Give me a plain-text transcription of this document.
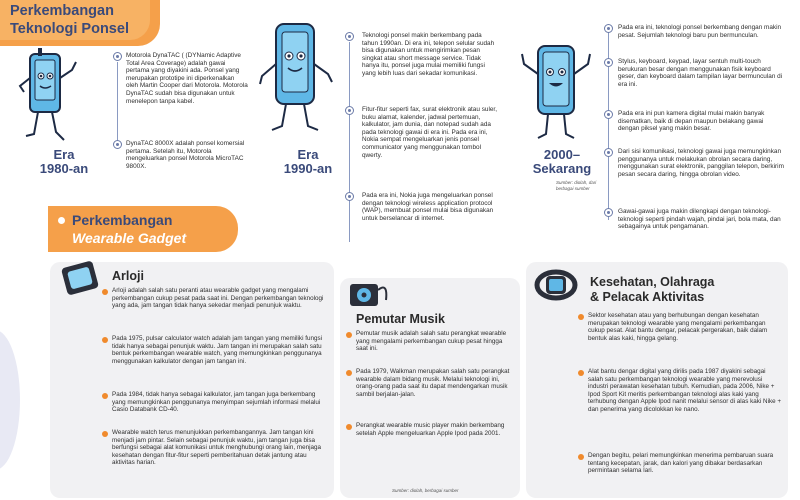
Perkembangan
Teknologi Ponsel
Era
1980-an
Motorola DynaTAC ( (DYNamic Adaptive Total Area Coverage) adalah gawai pertama yang diyakini ada. Ponsel yang merupakan prototipe ini diperkenalkan oleh Martin Cooper dari Motorola. Motorola DynaTAC sudah bisa digunakan untuk menelepon tanpa kabel.
DynaTAC 8000X adalah ponsel komersial pertama. Setelah itu, Motorola mengeluarkan ponsel Motorola MicroTAC 9800X.
Era
1990-an
Teknologi ponsel makin berkembang pada tahun 1990an. Di era ini, telepon selular sudah bisa digunakan untuk mengirimkan pesan singkat atau short message service. Tidak hanya itu, ponsel juga mulai memiliki fungsi yang lebih luas dari sekadar komunikasi.
Fitur-fitur seperti fax, surat elektronik atau suler, buku alamat, kalender, jadwal pertemuan, kalkulator, jam dunia, dan notepad sudah ada pada teknologi gawai di era ini. Pada era ini, Nokia sempat mengeluarkan jenis ponsel communicator yang menggunakan tombol qwerty.
Pada era ini, Nokia juga mengeluarkan ponsel dengan teknologi wireless application protocol (WAP), membuat ponsel mulai bisa digunakan untuk berselancar di internet.
2000–
Sekarang
Sumber: diolah, dari berbagai sumber
Pada era ini, teknologi ponsel berkembang dengan makin pesat. Sejumlah teknologi baru pun bermunculan.
Stylus, keyboard, keypad, layar sentuh multi-touch berukuran besar dengan menggunakan fisik keyboard geser, dan keyboard dalam tampilan layar bermunculan di era ini.
Pada era ini pun kamera digital mulai makin banyak disematkan, baik di depan maupun belakang gawai dengan piksel yang makin besar.
Dari sisi komunikasi, teknologi gawai juga memungkinkan penggunanya untuk melakukan obrolan secara daring, menggunakan surat elektronik, panggilan telepon, berkirim pesan secara daring, hingga obrolan video.
Gawai-gawai juga makin dilengkapi dengan teknologi-teknologi seperti pindah wajah, pindai jari, bola mata, dan sebagainya untuk pengamanan.
Perkembangan
Wearable Gadget
Arloji
Arloji adalah salah satu peranti atau wearable gadget yang mengalami perkembangan cukup pesat pada saat ini. Dengan perkembangan teknologi yang ada, jam tangan tidak hanya sekedar menjadi penunjuk waktu.
Pada 1975, pulsar calculator watch adalah jam tangan yang memiliki fungsi tidak hanya sebagai penunjuk waktu. Jam tangan ini merupakan salah satu bentuk perkembangan wearable watch, yang memungkinkan penggunanya menggunakan kalkulator dengan jam tangan ini.
Pada 1984, tidak hanya sebagai kalkulator, jam tangan juga berkembang yang memungkinkan penggunanya menyimpan sejumlah informasi melalui Casio Databank CD-40.
Wearable watch terus menunjukkan perkembangannya. Jam tangan kini menjadi jam pintar. Selain sebagai penunjuk waktu, jam tangan juga bisa berfungsi sebagai alat komunikasi untuk menghubungi orang lain, menjaga kesehatan dengan fitur-fitur seperti pemberitahuan detak jantung atau aktivitas harian.
Pemutar Musik
Pemutar musik adalah salah satu perangkat wearable yang mengalami perkembangan cukup pesat hingga saat ini.
Pada 1979, Walkman merupakan salah satu perangkat wearable dalam bidang musik. Melalui teknologi ini, orang-orang pada saat itu dapat mendengarkan musik sambil berjalan-jalan.
Perangkat wearable music player makin berkembang setelah Apple mengeluarkan Apple Ipod pada 2001.
Sumber: diolah, berbagai sumber
Kesehatan, Olahraga
& Pelacak Aktivitas
Sektor kesehatan atau yang berhubungan dengan kesehatan merupakan teknologi wearable yang mengalami perkembangan cukup pesat. Alat bantu dengar, pelacak pergerakan, baik dalam bentuk alas kaki, hingga gelang.
Alat bantu dengar digital yang dirilis pada 1987 diyakini sebagai salah satu perkembangan teknologi wearable yang merevolusi industri perawatan kesehatan tubuh. Kemudian, pada 2006, Nike + Ipod Sport Kit meritis perkembangan teknologi alas kaki yang terhubung dengan Apple Ipod nanit melalui sensor di alas kaki Nike + dan penerima yang dicolokkan ke nano.
Dengan begitu, pelari memungkinkan menerima pembaruan suara tentang kecepatan, jarak, dan kalori yang dibakar berdasarkan permintaan selama lari.
